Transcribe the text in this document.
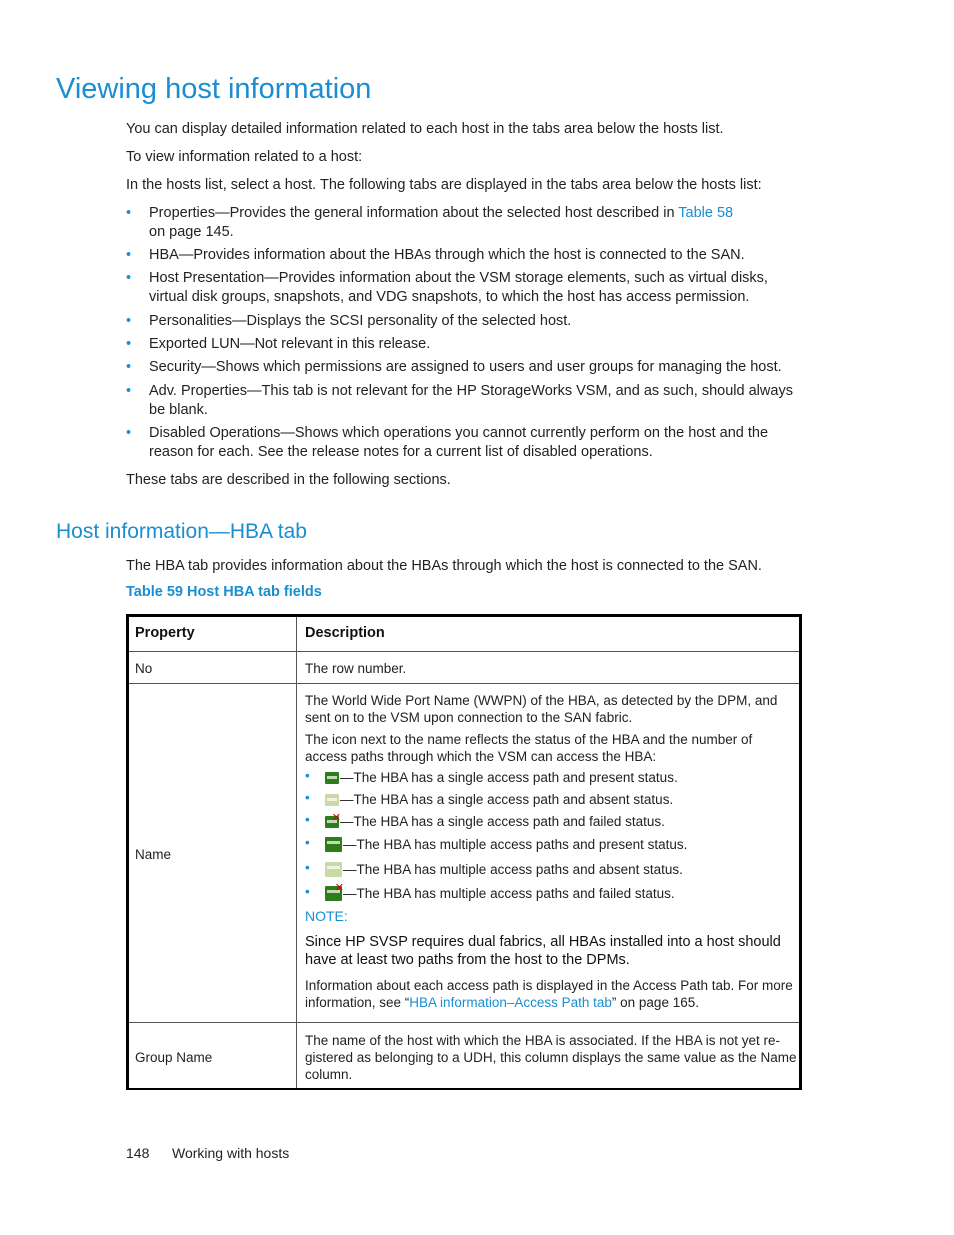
Viewing host information
You can display detailed information related to each host in the tabs area below the hosts list.
To view information related to a host:
In the hosts list, select a host. The following tabs are displayed in the tabs area below the hosts list:
• Properties—Provides the general information about the selected host described in Table 58 on page 145.
• HBA—Provides information about the HBAs through which the host is connected to the SAN.
• Host Presentation—Provides information about the VSM storage elements, such as virtual disks, virtual disk groups, snapshots, and VDG snapshots, to which the host has access permission.
• Personalities—Displays the SCSI personality of the selected host.
• Exported LUN—Not relevant in this release.
• Security—Shows which permissions are assigned to users and user groups for managing the host.
• Adv. Properties—This tab is not relevant for the HP StorageWorks VSM, and as such, should always be blank.
• Disabled Operations—Shows which operations you cannot currently perform on the host and the reason for each. See the release notes for a current list of disabled operations.
These tabs are described in the following sections.
Host information—HBA tab
The HBA tab provides information about the HBAs through which the host is connected to the SAN.
Table 59 Host HBA tab fields
Property	Description
No	The row number.
Name
The World Wide Port Name (WWPN) of the HBA, as detected by the DPM, and sent on to the VSM upon connection to the SAN fabric.
The icon next to the name reflects the status of the HBA and the number of access paths through which the VSM can access the HBA:
• —The HBA has a single access path and present status.
• —The HBA has a single access path and absent status.
• ✕ —The HBA has a single access path and failed status.
• —The HBA has multiple access paths and present status.
• —The HBA has multiple access paths and absent status.
• ✕ —The HBA has multiple access paths and failed status.
NOTE:
Since HP SVSP requires dual fabrics, all HBAs installed into a host should have at least two paths from the host to the DPMs.
Information about each access path is displayed in the Access Path tab. For more information, see “HBA information–Access Path tab” on page 165.
Group Name
The name of the host with which the HBA is associated. If the HBA is not yet re-gistered as belonging to a UDH, this column displays the same value as the Name column.
148 Working with hosts
